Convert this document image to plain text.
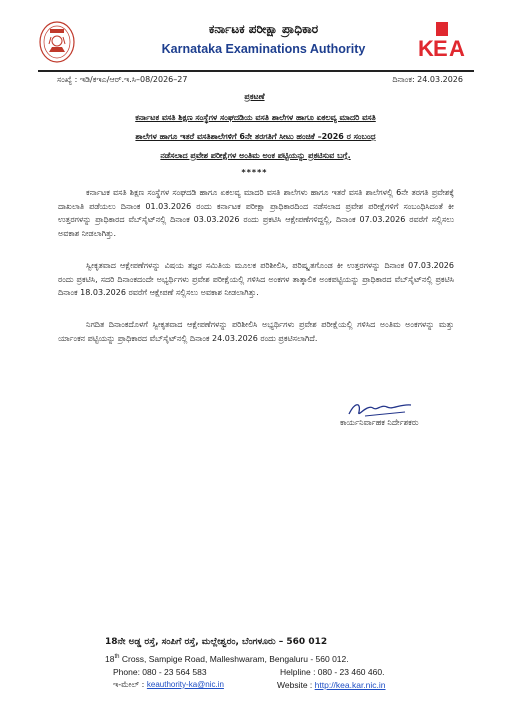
ಕರ್ನಾಟಕ ಪರೀಕ್ಷಾ ಪ್ರಾಧಿಕಾರ
Karnataka Examinations Authority	K E A
ಸಂಖ್ಯೆ : ಇಡಿ/ಕಇಎ/ಆರ್.ಇ.ಸಿ–08/2026–27	ದಿನಾಂಕ: 24.03.2026
ಪ್ರಕಟಣೆ
ಕರ್ನಾಟಕ ವಸತಿ ಶಿಕ್ಷಣ ಸಂಸ್ಥೆಗಳ ಸಂಘದಡಿಯ ವಸತಿ ಶಾಲೆಗಳ ಹಾಗೂ ಏಕಲವ್ಯ ಮಾದರಿ ವಸತಿ
ಶಾಲೆಗಳ ಹಾಗೂ ಇತರೆ ವಸತಿಶಾಲೆಗಳಿಗೆ 6ನೇ ತರಗತಿಗೆ ಸೀಟು ಹಂಚಿಕೆ –2026 ರ ಸಂಬಂಧ
ನಡೆಸಲಾದ ಪ್ರವೇಶ ಪರೀಕ್ಷೆಗಳ ಅಂತಿಮ ಅಂಕ ಪಟ್ಟಿಯನ್ನು ಪ್ರಕಟಿಸುವ ಬಗ್ಗೆ.
*****
ಕರ್ನಾಟಕ ವಸತಿ ಶಿಕ್ಷಣ ಸಂಸ್ಥೆಗಳ ಸಂಘದಡಿ ಹಾಗೂ ಏಕಲವ್ಯ ಮಾದರಿ ವಸತಿ ಶಾಲೆಗಳು ಹಾಗೂ ಇತರೆ ವಸತಿ ಶಾಲೆಗಳಲ್ಲಿ 6ನೇ ತರಗತಿ ಪ್ರವೇಶಕ್ಕೆ ದಾಖಲಾತಿ ಪಡೆಯಲು ದಿನಾಂಕ 01.03.2026 ರಂದು ಕರ್ನಾಟಕ ಪರೀಕ್ಷಾ ಪ್ರಾಧಿಕಾರದಿಂದ ನಡೆಸಲಾದ ಪ್ರವೇಶ ಪರೀಕ್ಷೆಗಳಿಗೆ ಸಂಬಂಧಿಸಿದಂತೆ ಕೀ ಉತ್ತರಗಳನ್ನು ಪ್ರಾಧಿಕಾರದ ವೆಬ್‌ಸೈಟ್‌ನಲ್ಲಿ ದಿನಾಂಕ 03.03.2026 ರಂದು ಪ್ರಕಟಿಸಿ ಆಕ್ಷೇಪಣೆಗಳಿದ್ದಲ್ಲಿ, ದಿನಾಂಕ 07.03.2026 ರವರೆಗೆ ಸಲ್ಲಿಸಲು ಅವಕಾಶ ನೀಡಲಾಗಿತ್ತು.
ಸ್ವೀಕೃತವಾದ ಆಕ್ಷೇಪಣೆಗಳನ್ನು ವಿಷಯ ತಜ್ಞರ ಸಮಿತಿಯ ಮೂಲಕ ಪರಿಶೀಲಿಸಿ, ಪರಿಷ್ಕೃತಗೊಂಡ ಕೀ ಉತ್ತರಗಳನ್ನು ದಿನಾಂಕ 07.03.2026 ರಂದು ಪ್ರಕಟಿಸಿ, ಸದರಿ ದಿನಾಂಕದಂದೇ ಅಭ್ಯರ್ಥಿಗಳು ಪ್ರವೇಶ ಪರೀಕ್ಷೆಯಲ್ಲಿ ಗಳಿಸಿದ ಅಂಕಗಳ ತಾತ್ಕಾಲಿಕ ಅಂಕಪಟ್ಟಿಯನ್ನು ಪ್ರಾಧಿಕಾರದ ವೆಬ್‌ಸೈಟ್‌ನಲ್ಲಿ ಪ್ರಕಟಿಸಿ ದಿನಾಂಕ 18.03.2026 ರವರೆಗೆ ಆಕ್ಷೇಪಣೆ ಸಲ್ಲಿಸಲು ಅವಕಾಶ ನೀಡಲಾಗಿತ್ತು.
ನಿಗದಿತ ದಿನಾಂಕದೊಳಗೆ ಸ್ವೀಕೃತವಾದ ಆಕ್ಷೇಪಣೆಗಳನ್ನು ಪರಿಶೀಲಿಸಿ ಅಭ್ಯರ್ಥಿಗಳು ಪ್ರವೇಶ ಪರೀಕ್ಷೆಯಲ್ಲಿ ಗಳಿಸಿದ ಅಂತಿಮ ಅಂಕಗಳನ್ನು ಮತ್ತು ರ್ಯಾಂಕನ ಪಟ್ಟಿಯನ್ನು ಪ್ರಾಧಿಕಾರದ ವೆಬ್‌ಸೈಟ್‌ನಲ್ಲಿ ದಿನಾಂಕ 24.03.2026 ರಂದು ಪ್ರಕಟಿಸಲಾಗಿದೆ.
ಕಾರ್ಯನಿರ್ವಾಹಕ ನಿರ್ದೇಶಕರು
18ನೇ ಅಡ್ಡ ರಸ್ತೆ, ಸಂಪಿಗೆ ರಸ್ತೆ, ಮಲ್ಲೇಶ್ವರಂ, ಬೆಂಗಳೂರು – 560 012
18th Cross, Sampige Road, Malleshwaram, Bengaluru - 560 012.
Phone: 080 - 23 564 583	Helpline : 080 - 23 460 460.
ಇ-ಮೇಲ್ : keauthority-ka@nic.in	Website : http://kea.kar.nic.in
